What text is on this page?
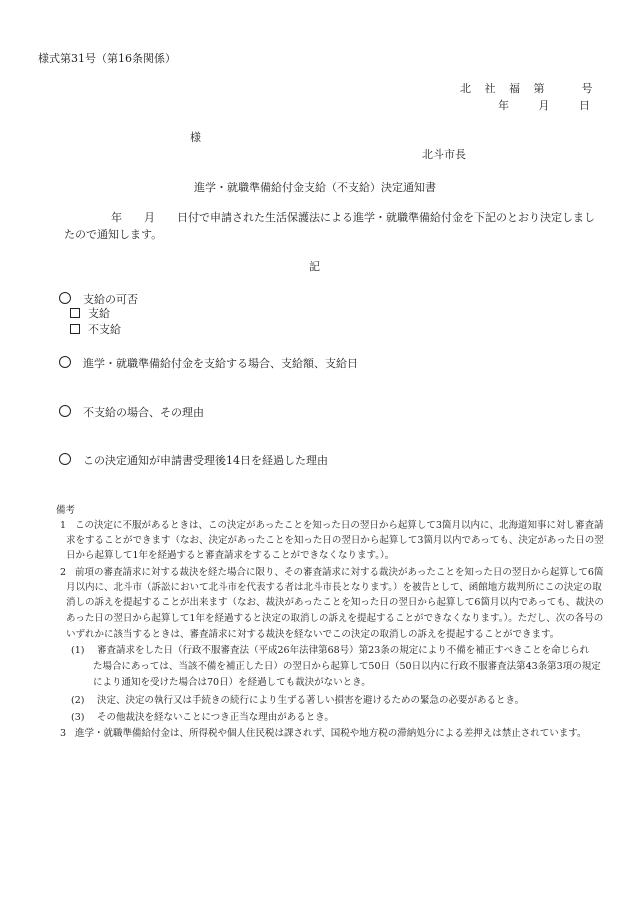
様式第31号（第16条関係）
北 社 福 第　　号
年　 月　 日
様
北斗市長
進学・就職準備給付金支給（不支給）決定通知書
年　　月　　日付で申請された生活保護法による進学・就職準備給付金を下記のとおり決定しまし
たので通知します。
記
支給の可否
支給
不支給
進学・就職準備給付金を支給する場合、支給額、支給日
不支給の場合、その理由
この決定通知が申請書受理後14日を経過した理由
備考
1 この決定に不服があるときは、この決定があったことを知った日の翌日から起算して3箇月以内に、北海道知事に対し審査請
求をすることができます（なお、決定があったことを知った日の翌日から起算して3箇月以内であっても、決定があった日の翌
日から起算して1年を経過すると審査請求をすることができなくなります。）。
2 前項の審査請求に対する裁決を経た場合に限り、その審査請求に対する裁決があったことを知った日の翌日から起算して6箇
月以内に、北斗市（訴訟において北斗市を代表する者は北斗市長となります。）を被告として、函館地方裁判所にこの決定の取
消しの訴えを提起することが出来ます（なお、裁決があったことを知った日の翌日から起算して6箇月以内であっても、裁決の
あった日の翌日から起算して1年を経過すると決定の取消しの訴えを提起することができなくなります。）。ただし、次の各号の
いずれかに該当するときは、審査請求に対する裁決を経ないでこの決定の取消しの訴えを提起することができます。
(1) 審査請求をした日（行政不服審査法（平成26年法律第68号）第23条の規定により不備を補正すべきことを命じられ
た場合にあっては、当該不備を補正した日）の翌日から起算して50日（50日以内に行政不服審査法第43条第3項の規定
により通知を受けた場合は70日）を経過しても裁決がないとき。
(2) 決定、決定の執行又は手続きの続行により生ずる著しい損害を避けるための緊急の必要があるとき。
(3) その他裁決を経ないことにつき正当な理由があるとき。
3 進学・就職準備給付金は、所得税や個人住民税は課されず、国税や地方税の滞納処分による差押えは禁止されています。
